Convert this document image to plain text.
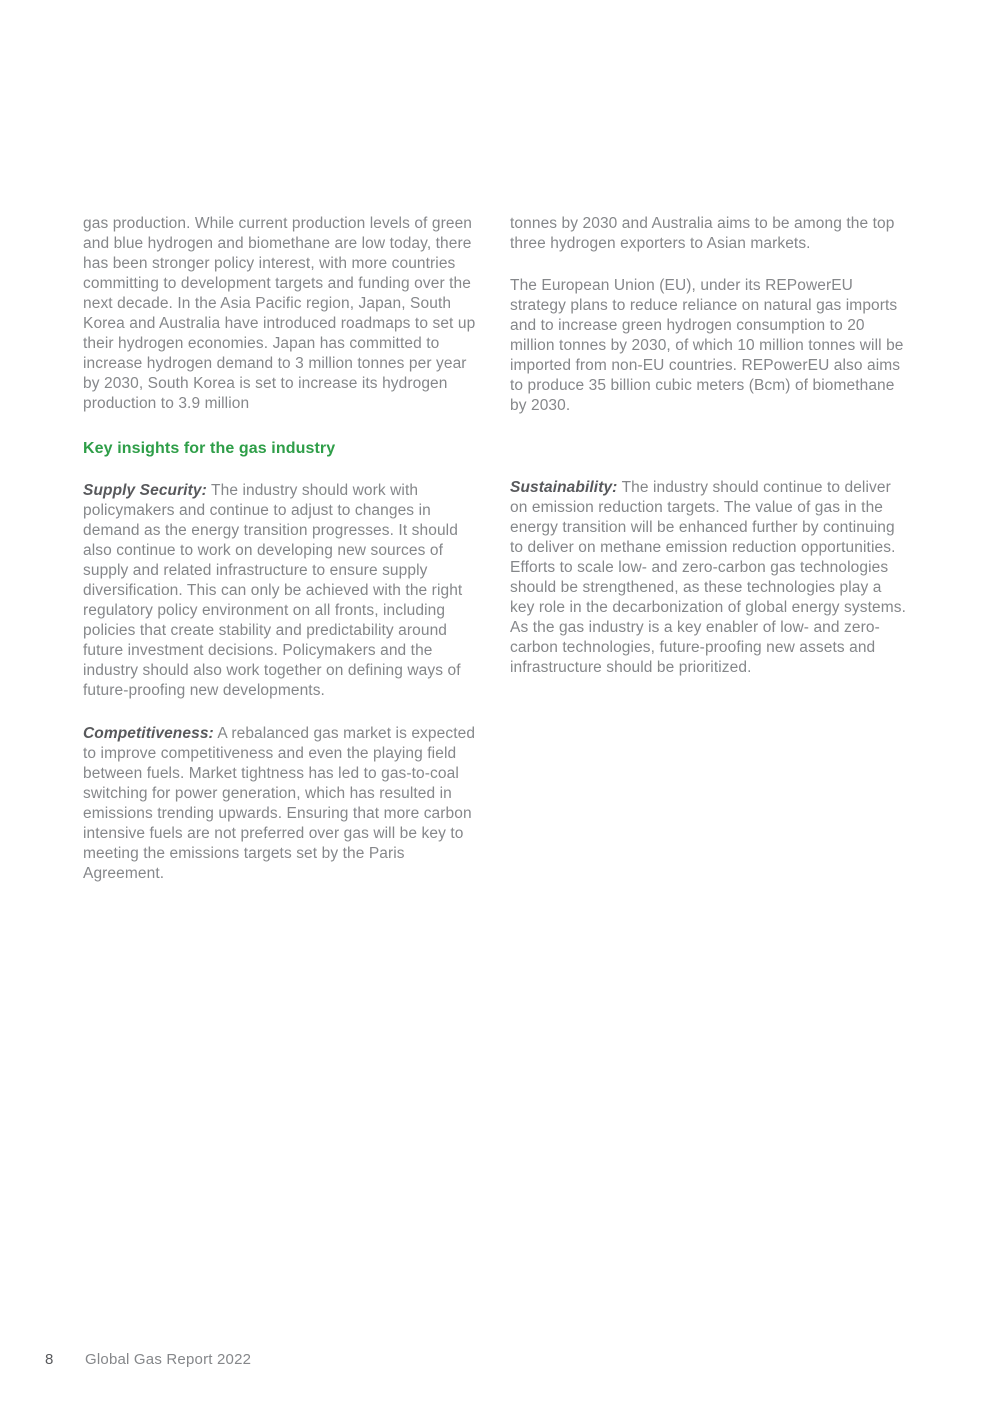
gas production. While current production levels of green and blue hydrogen and biomethane are low today, there has been stronger policy interest, with more countries committing to development targets and funding over the next decade. In the Asia Pacific region, Japan, South Korea and Australia have introduced roadmaps to set up their hydrogen economies. Japan has committed to increase hydrogen demand to 3 million tonnes per year by 2030, South Korea is set to increase its hydrogen production to 3.9 million

Key insights for the gas industry

Supply Security: The industry should work with policymakers and continue to adjust to changes in demand as the energy transition progresses. It should also continue to work on developing new sources of supply and related infrastructure to ensure supply diversification. This can only be achieved with the right regulatory policy environment on all fronts, including policies that create stability and predictability around future investment decisions. Policymakers and the industry should also work together on defining ways of future-proofing new developments.

Competitiveness: A rebalanced gas market is expected to improve competitiveness and even the playing field between fuels. Market tightness has led to gas-to-coal switching for power generation, which has resulted in emissions trending upwards. Ensuring that more carbon intensive fuels are not preferred over gas will be key to meeting the emissions targets set by the Paris Agreement.

tonnes by 2030 and Australia aims to be among the top three hydrogen exporters to Asian markets.

The European Union (EU), under its REPowerEU strategy plans to reduce reliance on natural gas imports and to increase green hydrogen consumption to 20 million tonnes by 2030, of which 10 million tonnes will be imported from non-EU countries. REPowerEU also aims to produce 35 billion cubic meters (Bcm) of biomethane by 2030.

Sustainability: The industry should continue to deliver on emission reduction targets. The value of gas in the energy transition will be enhanced further by continuing to deliver on methane emission reduction opportunities. Efforts to scale low- and zero-carbon gas technologies should be strengthened, as these technologies play a key role in the decarbonization of global energy systems. As the gas industry is a key enabler of low- and zero-carbon technologies, future-proofing new assets and infrastructure should be prioritized.

8	Global Gas Report 2022
